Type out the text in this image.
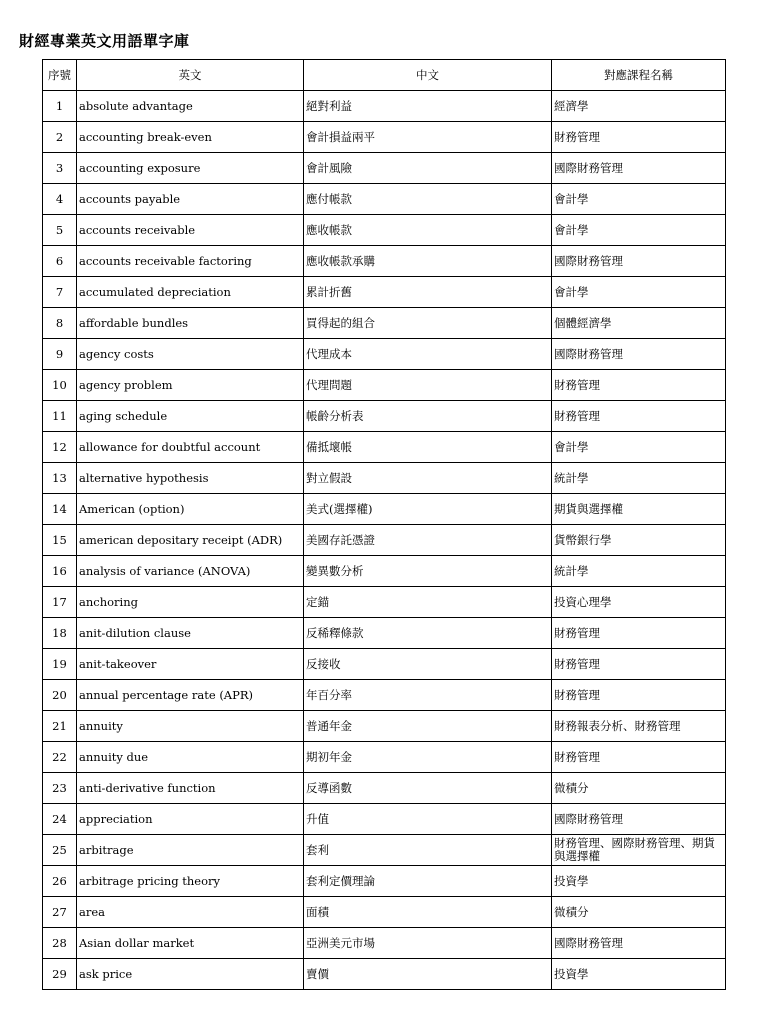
財經專業英文用語單字庫
序號	英文	中文	對應課程名稱
1	absolute advantage	絕對利益	經濟學
2	accounting break-even	會計損益兩平	財務管理
3	accounting exposure	會計風險	國際財務管理
4	accounts payable	應付帳款	會計學
5	accounts receivable	應收帳款	會計學
6	accounts receivable factoring	應收帳款承購	國際財務管理
7	accumulated depreciation	累計折舊	會計學
8	affordable bundles	買得起的組合	個體經濟學
9	agency costs	代理成本	國際財務管理
10	agency problem	代理問題	財務管理
11	aging schedule	帳齡分析表	財務管理
12	allowance for doubtful account	備抵壞帳	會計學
13	alternative hypothesis	對立假設	統計學
14	American (option)	美式(選擇權)	期貨與選擇權
15	american depositary receipt (ADR)	美國存託憑證	貨幣銀行學
16	analysis of variance (ANOVA)	變異數分析	統計學
17	anchoring	定錨	投資心理學
18	anit-dilution clause	反稀釋條款	財務管理
19	anit-takeover	反接收	財務管理
20	annual percentage rate (APR)	年百分率	財務管理
21	annuity	普通年金	財務報表分析、財務管理
22	annuity due	期初年金	財務管理
23	anti-derivative function	反導函數	微積分
24	appreciation	升值	國際財務管理
25	arbitrage	套利	財務管理、國際財務管理、期貨與選擇權
26	arbitrage pricing theory	套利定價理論	投資學
27	area	面積	微積分
28	Asian dollar market	亞洲美元市場	國際財務管理
29	ask price	賣價	投資學
